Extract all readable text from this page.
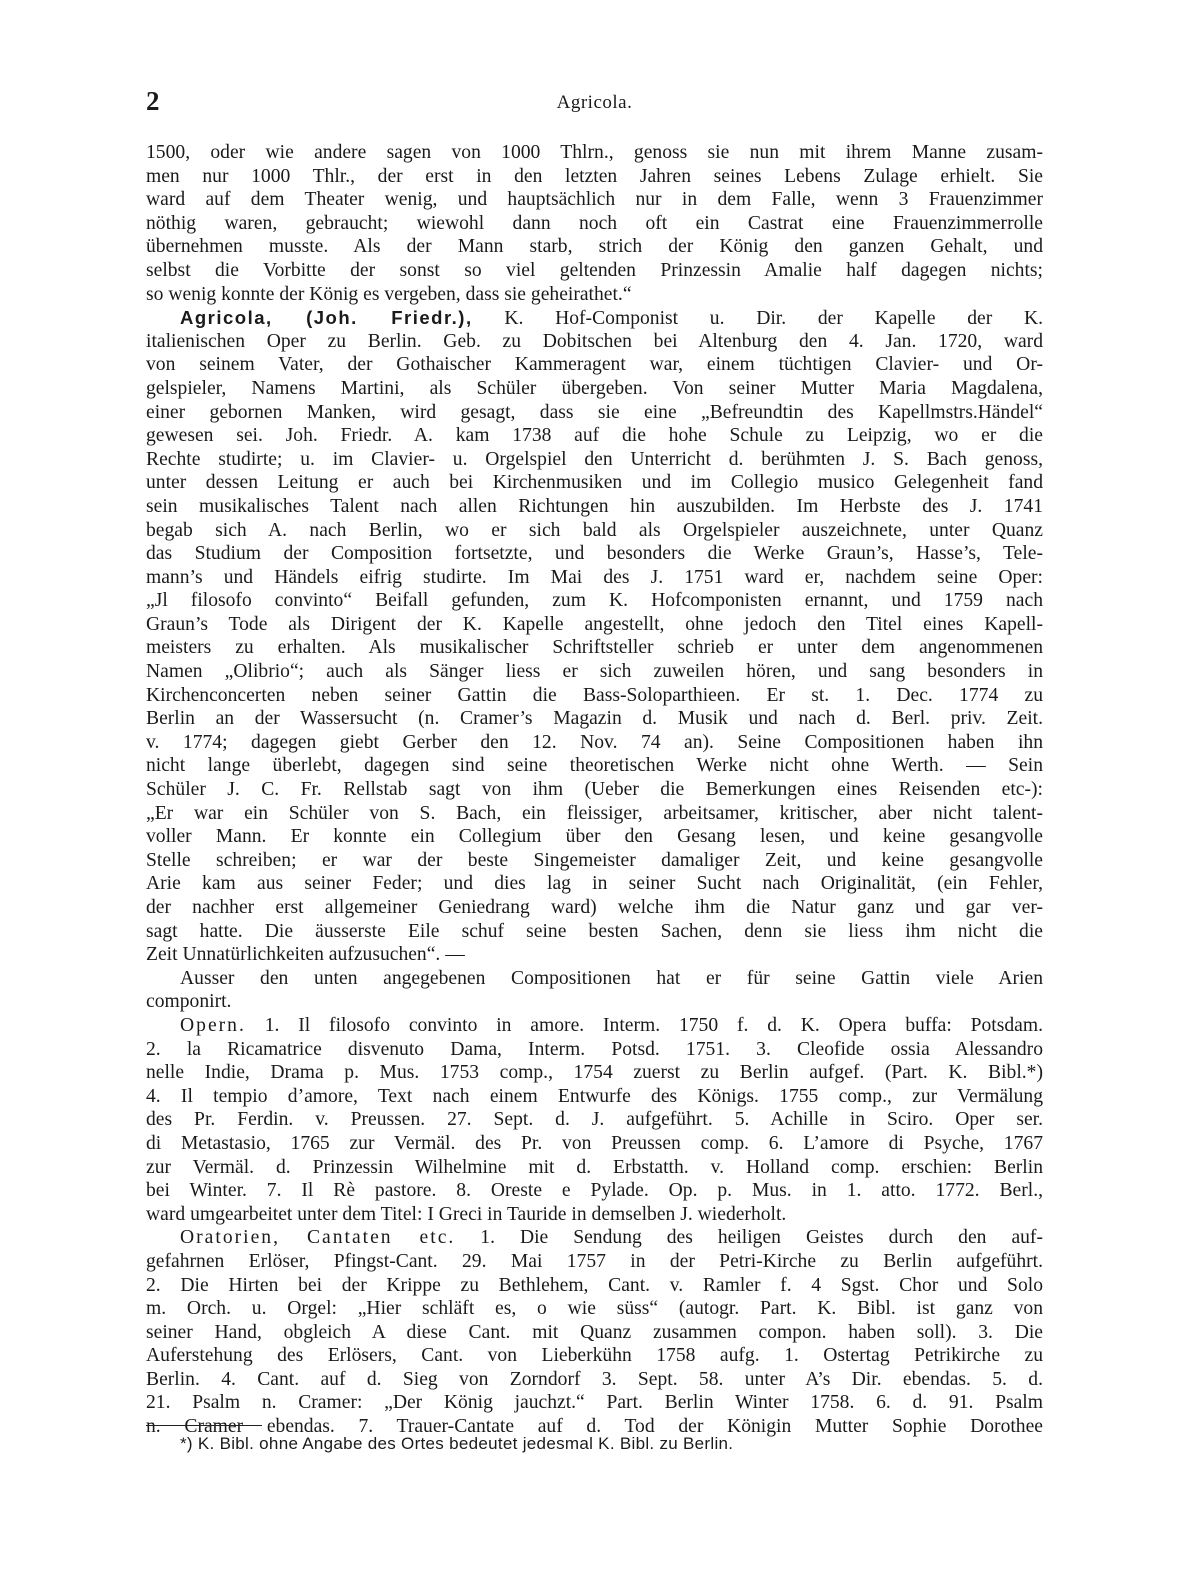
2	Agricola.
1500, oder wie andere sagen von 1000 Thlrn., genoss sie nun mit ihrem Manne zusam-
men nur 1000 Thlr., der erst in den letzten Jahren seines Lebens Zulage erhielt. Sie
ward auf dem Theater wenig, und hauptsächlich nur in dem Falle, wenn 3 Frauenzimmer
nöthig waren, gebraucht; wiewohl dann noch oft ein Castrat eine Frauenzimmerrolle
übernehmen musste. Als der Mann starb, strich der König den ganzen Gehalt, und
selbst die Vorbitte der sonst so viel geltenden Prinzessin Amalie half dagegen nichts;
so wenig konnte der König es vergeben, dass sie geheirathet.“
Agricola, (Joh. Friedr.), K. Hof-Componist u. Dir. der Kapelle der K.
italienischen Oper zu Berlin. Geb. zu Dobitschen bei Altenburg den 4. Jan. 1720, ward
von seinem Vater, der Gothaischer Kammeragent war, einem tüchtigen Clavier- und Or-
gelspieler, Namens Martini, als Schüler übergeben. Von seiner Mutter Maria Magdalena,
einer gebornen Manken, wird gesagt, dass sie eine „Befreundtin des Kapellmstrs.Händel“
gewesen sei. Joh. Friedr. A. kam 1738 auf die hohe Schule zu Leipzig, wo er die
Rechte studirte; u. im Clavier- u. Orgelspiel den Unterricht d. berühmten J. S. Bach genoss,
unter dessen Leitung er auch bei Kirchenmusiken und im Collegio musico Gelegenheit fand
sein musikalisches Talent nach allen Richtungen hin auszubilden. Im Herbste des J. 1741
begab sich A. nach Berlin, wo er sich bald als Orgelspieler auszeichnete, unter Quanz
das Studium der Composition fortsetzte, und besonders die Werke Graun’s, Hasse’s, Tele-
mann’s und Händels eifrig studirte. Im Mai des J. 1751 ward er, nachdem seine Oper:
„Jl filosofo convinto“ Beifall gefunden, zum K. Hofcomponisten ernannt, und 1759 nach
Graun’s Tode als Dirigent der K. Kapelle angestellt, ohne jedoch den Titel eines Kapell-
meisters zu erhalten. Als musikalischer Schriftsteller schrieb er unter dem angenommenen
Namen „Olibrio“; auch als Sänger liess er sich zuweilen hören, und sang besonders in
Kirchenconcerten neben seiner Gattin die Bass-Soloparthieen. Er st. 1. Dec. 1774 zu
Berlin an der Wassersucht (n. Cramer’s Magazin d. Musik und nach d. Berl. priv. Zeit.
v. 1774; dagegen giebt Gerber den 12. Nov. 74 an). Seine Compositionen haben ihn
nicht lange überlebt, dagegen sind seine theoretischen Werke nicht ohne Werth. — Sein
Schüler J. C. Fr. Rellstab sagt von ihm (Ueber die Bemerkungen eines Reisenden etc-):
„Er war ein Schüler von S. Bach, ein fleissiger, arbeitsamer, kritischer, aber nicht talent-
voller Mann. Er konnte ein Collegium über den Gesang lesen, und keine gesangvolle
Stelle schreiben; er war der beste Singemeister damaliger Zeit, und keine gesangvolle
Arie kam aus seiner Feder; und dies lag in seiner Sucht nach Originalität, (ein Fehler,
der nachher erst allgemeiner Geniedrang ward) welche ihm die Natur ganz und gar ver-
sagt hatte. Die äusserste Eile schuf seine besten Sachen, denn sie liess ihm nicht die
Zeit Unnatürlichkeiten aufzusuchen“. —
Ausser den unten angegebenen Compositionen hat er für seine Gattin viele Arien
componirt.
Opern. 1. Il filosofo convinto in amore. Interm. 1750 f. d. K. Opera buffa: Potsdam.
2. la Ricamatrice disvenuto Dama, Interm. Potsd. 1751. 3. Cleofide ossia Alessandro
nelle Indie, Drama p. Mus. 1753 comp., 1754 zuerst zu Berlin aufgef. (Part. K. Bibl.*)
4. Il tempio d’amore, Text nach einem Entwurfe des Königs. 1755 comp., zur Vermälung
des Pr. Ferdin. v. Preussen. 27. Sept. d. J. aufgeführt. 5. Achille in Sciro. Oper ser.
di Metastasio, 1765 zur Vermäl. des Pr. von Preussen comp. 6. L’amore di Psyche, 1767
zur Vermäl. d. Prinzessin Wilhelmine mit d. Erbstatth. v. Holland comp. erschien: Berlin
bei Winter. 7. Il Rè pastore. 8. Oreste e Pylade. Op. p. Mus. in 1. atto. 1772. Berl.,
ward umgearbeitet unter dem Titel: I Greci in Tauride in demselben J. wiederholt.
Oratorien, Cantaten etc. 1. Die Sendung des heiligen Geistes durch den auf-
gefahrnen Erlöser, Pfingst-Cant. 29. Mai 1757 in der Petri-Kirche zu Berlin aufgeführt.
2. Die Hirten bei der Krippe zu Bethlehem, Cant. v. Ramler f. 4 Sgst. Chor und Solo
m. Orch. u. Orgel: „Hier schläft es, o wie süss“ (autogr. Part. K. Bibl. ist ganz von
seiner Hand, obgleich A diese Cant. mit Quanz zusammen compon. haben soll). 3. Die
Auferstehung des Erlösers, Cant. von Lieberkühn 1758 aufg. 1. Ostertag Petrikirche zu
Berlin. 4. Cant. auf d. Sieg von Zorndorf 3. Sept. 58. unter A’s Dir. ebendas. 5. d.
21. Psalm n. Cramer: „Der König jauchzt.“ Part. Berlin Winter 1758. 6. d. 91. Psalm
n. Cramer ebendas. 7. Trauer-Cantate auf d. Tod der Königin Mutter Sophie Dorothee
*) K. Bibl. ohne Angabe des Ortes bedeutet jedesmal K. Bibl. zu Berlin.
